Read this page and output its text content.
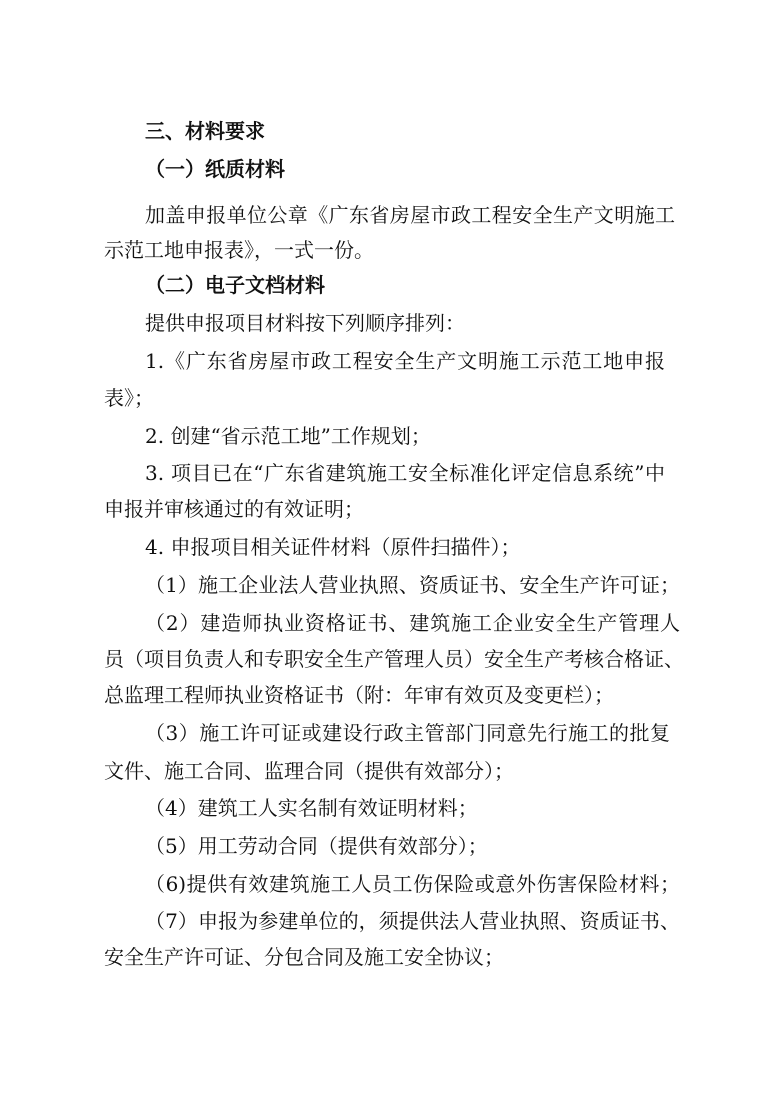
三、材料要求

（一）纸质材料

加盖申报单位公章《广东省房屋市政工程安全生产文明施工

示范工地申报表》，一式一份。

（二）电子文档材料

提供申报项目材料按下列顺序排列：

1.《广东省房屋市政工程安全生产文明施工示范工地申报

表》；

2. 创建“省示范工地”工作规划；

3. 项目已在“广东省建筑施工安全标准化评定信息系统”中

申报并审核通过的有效证明；

4. 申报项目相关证件材料（原件扫描件）；

（1）施工企业法人营业执照、资质证书、安全生产许可证；

（2）建造师执业资格证书、建筑施工企业安全生产管理人

员（项目负责人和专职安全生产管理人员）安全生产考核合格证、

总监理工程师执业资格证书（附：年审有效页及变更栏）；

（3）施工许可证或建设行政主管部门同意先行施工的批复

文件、施工合同、监理合同（提供有效部分）；

（4）建筑工人实名制有效证明材料；

（5）用工劳动合同（提供有效部分）；

（6)提供有效建筑施工人员工伤保险或意外伤害保险材料；

（7）申报为参建单位的，须提供法人营业执照、资质证书、

安全生产许可证、分包合同及施工安全协议；
